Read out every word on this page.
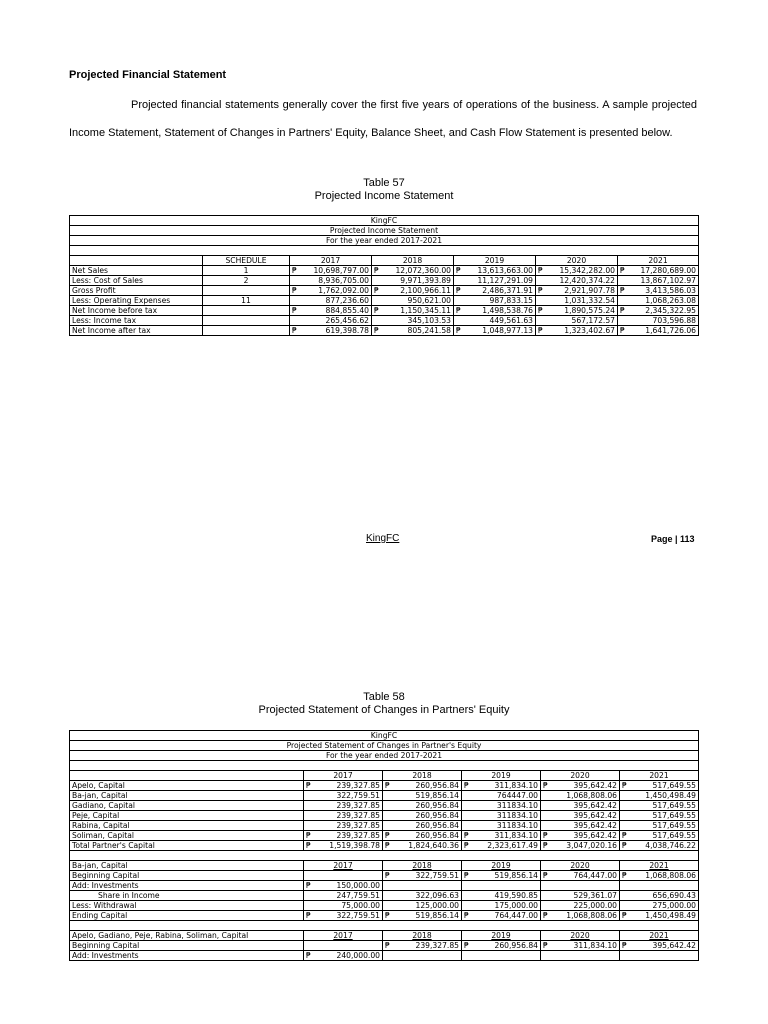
Projected Financial Statement
Projected financial statements generally cover the first five years of operations of the business. A sample projected Income Statement, Statement of Changes in Partners' Equity, Balance Sheet, and Cash Flow Statement is presented below.
Table 57
Projected Income Statement
KingFC						
Projected Income Statement						
For the year ended 2017-2021						

	SCHEDULE	2017	2018	2019	2020	2021
Net Sales	1	₱ 10,698,797.00	₱ 12,072,360.00	₱ 13,613,663.00	₱ 15,342,282.00	₱ 17,280,689.00
Less: Cost of Sales	2	8,936,705.00	9,971,393.89	11,127,291.09	12,420,374.22	13,867,102.97
Gross Profit		₱ 1,762,092.00	₱ 2,100,966.11	₱ 2,486,371.91	₱ 2,921,907.78	₱ 3,413,586.03
Less: Operating Expenses	11	877,236.60	950,621.00	987,833.15	1,031,332.54	1,068,263.08
Net Income before tax		₱ 884,855.40	₱ 1,150,345.11	₱ 1,498,538.76	₱ 1,890,575.24	₱ 2,345,322.95
Less: Income tax		265,456.62	345,103.53	449,561.63	567,172.57	703,596.88
Net Income after tax		₱ 619,398.78	₱ 805,241.58	₱ 1,048,977.13	₱ 1,323,402.67	₱ 1,641,726.06
KingFC	Page | 113
Table 58
Projected Statement of Changes in Partners' Equity
KingFC					
Projected Statement of Changes in Partner's Equity					
For the year ended 2017-2021					

	2017	2018	2019	2020	2021
Apelo, Capital	₱ 239,327.85	₱ 260,956.84	₱ 311,834.10	₱ 395,642.42	₱ 517,649.55
Ba-jan, Capital	322,759.51	519,856.14	764447.00	1,068,808.06	1,450,498.49
Gadiano, Capital	239,327.85	260,956.84	311834.10	395,642.42	517,649.55
Peje, Capital	239,327.85	260,956.84	311834.10	395,642.42	517,649.55
Rabina, Capital	239,327.85	260,956.84	311834.10	395,642.42	517,649.55
Soliman, Capital	₱ 239,327.85	₱ 260,956.84	₱ 311,834.10	₱ 395,642.42	₱ 517,649.55
Total Partner's Capital	₱ 1,519,398.78	₱ 1,824,640.36	₱ 2,323,617.49	₱ 3,047,020.16	₱ 4,038,746.22

Ba-jan, Capital	2017	2018	2019	2020	2021
Beginning Capital		₱ 322,759.51	₱ 519,856.14	₱ 764,447.00	₱ 1,068,808.06
Add: Investments	₱ 150,000.00				
Share in Income	247,759.51	322,096.63	419,590.85	529,361.07	656,690.43
Less: Withdrawal	75,000.00	125,000.00	175,000.00	225,000.00	275,000.00
Ending Capital	₱ 322,759.51	₱ 519,856.14	₱ 764,447.00	₱ 1,068,808.06	₱ 1,450,498.49

Apelo, Gadiano, Peje, Rabina, Soliman, Capital	2017	2018	2019	2020	2021
Beginning Capital		₱ 239,327.85	₱ 260,956.84	₱ 311,834.10	₱ 395,642.42
Add: Investments	₱ 240,000.00				
